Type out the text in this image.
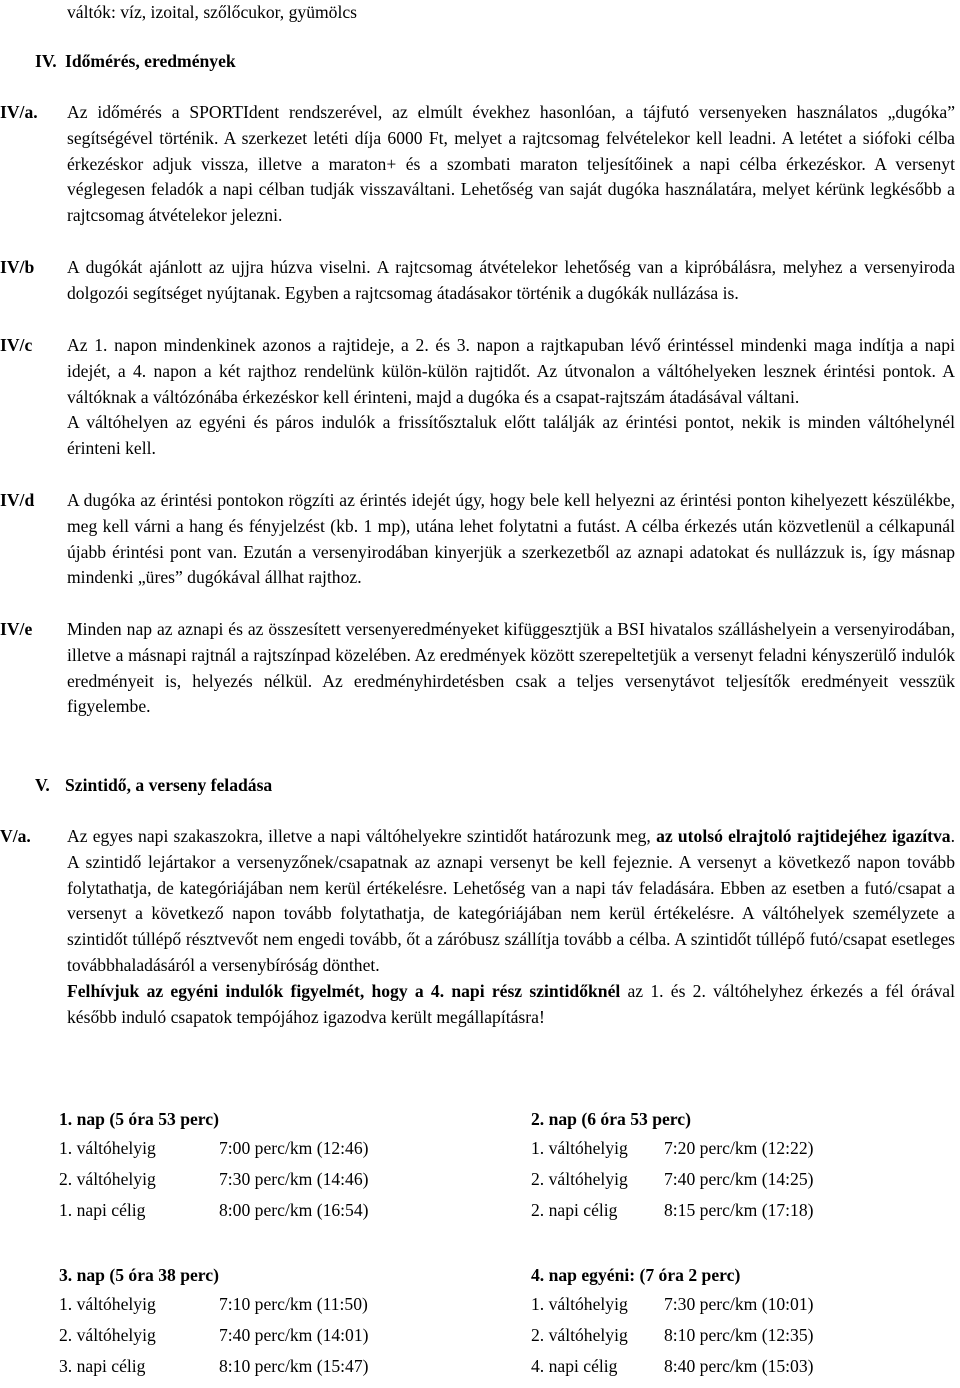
váltók: víz, izoital, szőlőcukor, gyümölcs
IV. Időmérés, eredmények
IV/a.	Az időmérés a SPORTIdent rendszerével, az elmúlt évekhez hasonlóan, a tájfutó versenyeken használatos „dugóka” segítségével történik. A szerkezet letéti díja 6000 Ft, melyet a rajtcsomag felvételekor kell leadni. A letétet a siófoki célba érkezéskor adjuk vissza, illetve a maraton+ és a szombati maraton teljesítőinek a napi célba érkezéskor. A versenyt véglegesen feladók a napi célban tudják visszaváltani. Lehetőség van saját dugóka használatára, melyet kérünk legkésőbb a rajtcsomag átvételekor jelezni.
IV/b	A dugókát ajánlott az ujjra húzva viselni. A rajtcsomag átvételekor lehetőség van a kipróbálásra, melyhez a versenyiroda dolgozói segítséget nyújtanak. Egyben a rajtcsomag átadásakor történik a dugókák nullázása is.
IV/c	Az 1. napon mindenkinek azonos a rajtideje, a 2. és 3. napon a rajtkapuban lévő érintéssel mindenki maga indítja a napi idejét, a 4. napon a két rajthoz rendelünk külön-külön rajtidőt. Az útvonalon a váltóhelyeken lesznek érintési pontok. A váltóknak a váltózónába érkezéskor kell érinteni, majd a dugóka és a csapat-rajtszám átadásával váltani.
A váltóhelyen az egyéni és páros indulók a frissítősztaluk előtt találják az érintési pontot, nekik is minden váltóhelynél érinteni kell.
IV/d	A dugóka az érintési pontokon rögzíti az érintés idejét úgy, hogy bele kell helyezni az érintési ponton kihelyezett készülékbe, meg kell várni a hang és fényjelzést (kb. 1 mp), utána lehet folytatni a futást. A célba érkezés után közvetlenül a célkapunál újabb érintési pont van. Ezután a versenyirodában kinyerjük a szerkezetből az aznapi adatokat és nullázzuk is, így másnap mindenki „üres” dugókával állhat rajthoz.
IV/e	Minden nap az aznapi és az összesített versenyeredményeket kifüggesztjük a BSI hivatalos szálláshelyein a versenyirodában, illetve a másnapi rajtnál a rajtszínpad közelében. Az eredmények között szerepeltetjük a versenyt feladni kényszerülő indulók eredményeit is, helyezés nélkül. Az eredményhirdetésben csak a teljes versenytávot teljesítők eredményeit vesszük figyelembe.
V. Szintidő, a verseny feladása
V/a.	Az egyes napi szakaszokra, illetve a napi váltóhelyekre szintidőt határozunk meg, az utolsó elrajtoló rajtidejéhez igazítva. A szintidő lejártakor a versenyzőnek/csapatnak az aznapi versenyt be kell fejeznie. A versenyt a következő napon tovább folytathatja, de kategóriájában nem kerül értékelésre. Lehetőség van a napi táv feladására. Ebben az esetben a futó/csapat a versenyt a következő napon tovább folytathatja, de kategóriájában nem kerül értékelésre. A váltóhelyek személyzete a szintidőt túllépő résztvevőt nem engedi tovább, őt a záróbusz szállítja tovább a célba. A szintidőt túllépő futó/csapat esetleges továbbhaladásáról a versenybíróság dönthet.
Felhívjuk az egyéni indulók figyelmét, hogy a 4. napi rész szintidőknél az 1. és 2. váltóhelyhez érkezés a fél órával később induló csapatok tempójához igazodva került megállapításra!
1. nap (5 óra 53 perc)
1. váltóhelyig	7:00 perc/km (12:46)
2. váltóhelyig	7:30 perc/km (14:46)
1. napi célig	8:00 perc/km (16:54)
2. nap (6 óra 53 perc)
1. váltóhelyig 7:20 perc/km (12:22)
2. váltóhelyig 7:40 perc/km (14:25)
2. napi célig	8:15 perc/km (17:18)
3. nap (5 óra 38 perc)
1. váltóhelyig	7:10 perc/km (11:50)
2. váltóhelyig	7:40 perc/km (14:01)
3. napi célig	8:10 perc/km (15:47)
4. nap egyéni: (7 óra 2 perc)
1. váltóhelyig 7:30 perc/km (10:01)
2. váltóhelyig 8:10 perc/km (12:35)
4. napi célig	8:40 perc/km (15:03)
